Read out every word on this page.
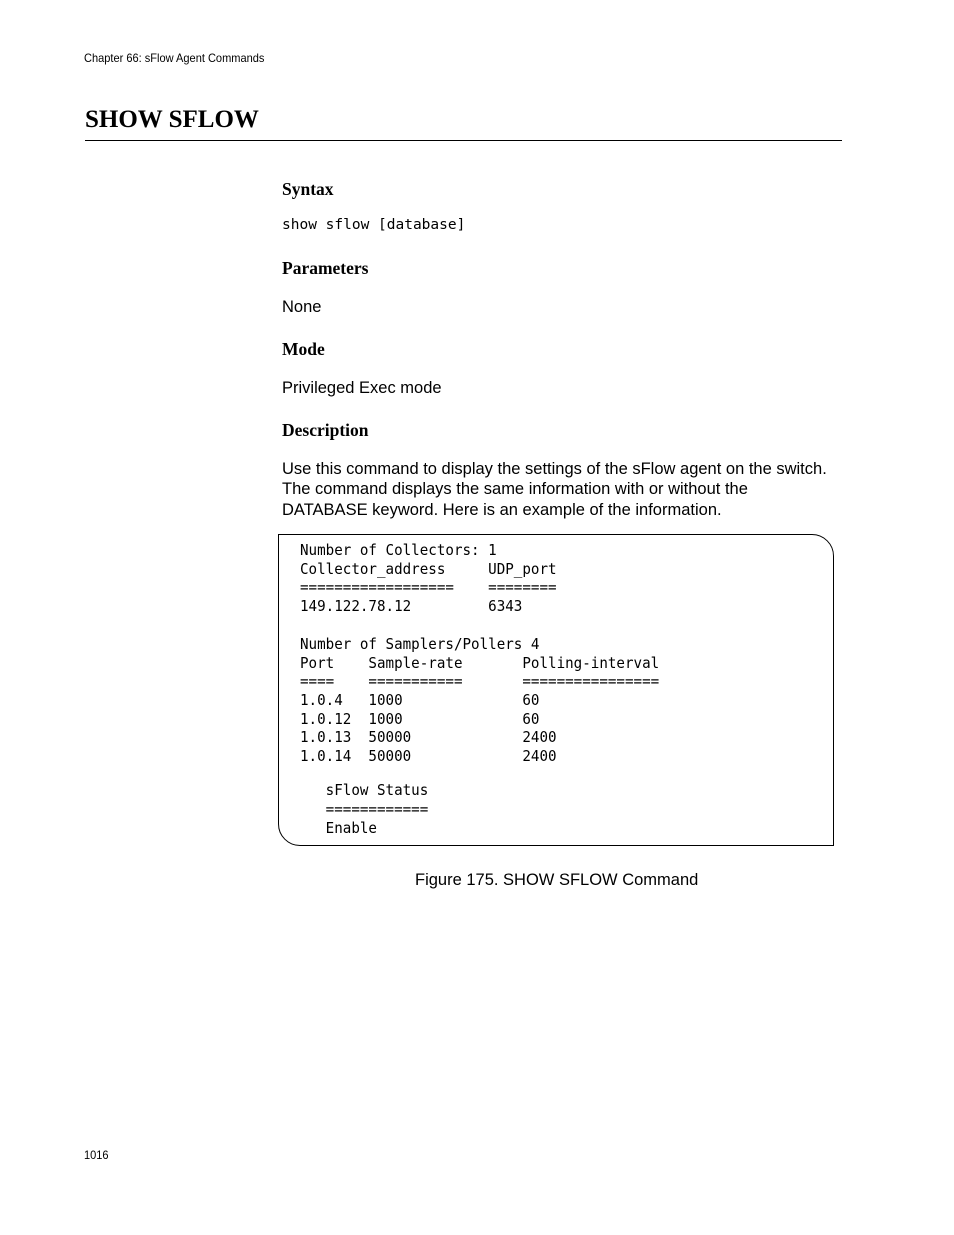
Chapter 66: sFlow Agent Commands
SHOW SFLOW
Syntax

show sflow [database]

Parameters

None

Mode

Privileged Exec mode

Description

Use this command to display the settings of the sFlow agent on the switch.

The command displays the same information with or without the

DATABASE keyword. Here is an example of the information.

Number of Collectors: 1
Collector_address     UDP_port
==================    ========
149.122.78.12         6343
Number of Samplers/Pollers 4
Port    Sample-rate       Polling-interval
====    ===========       ================
1.0.4   1000              60
1.0.12  1000              60
1.0.13  50000             2400
1.0.14  50000             2400
sFlow Status
============
Enable
Figure 175. SHOW SFLOW Command
1016
